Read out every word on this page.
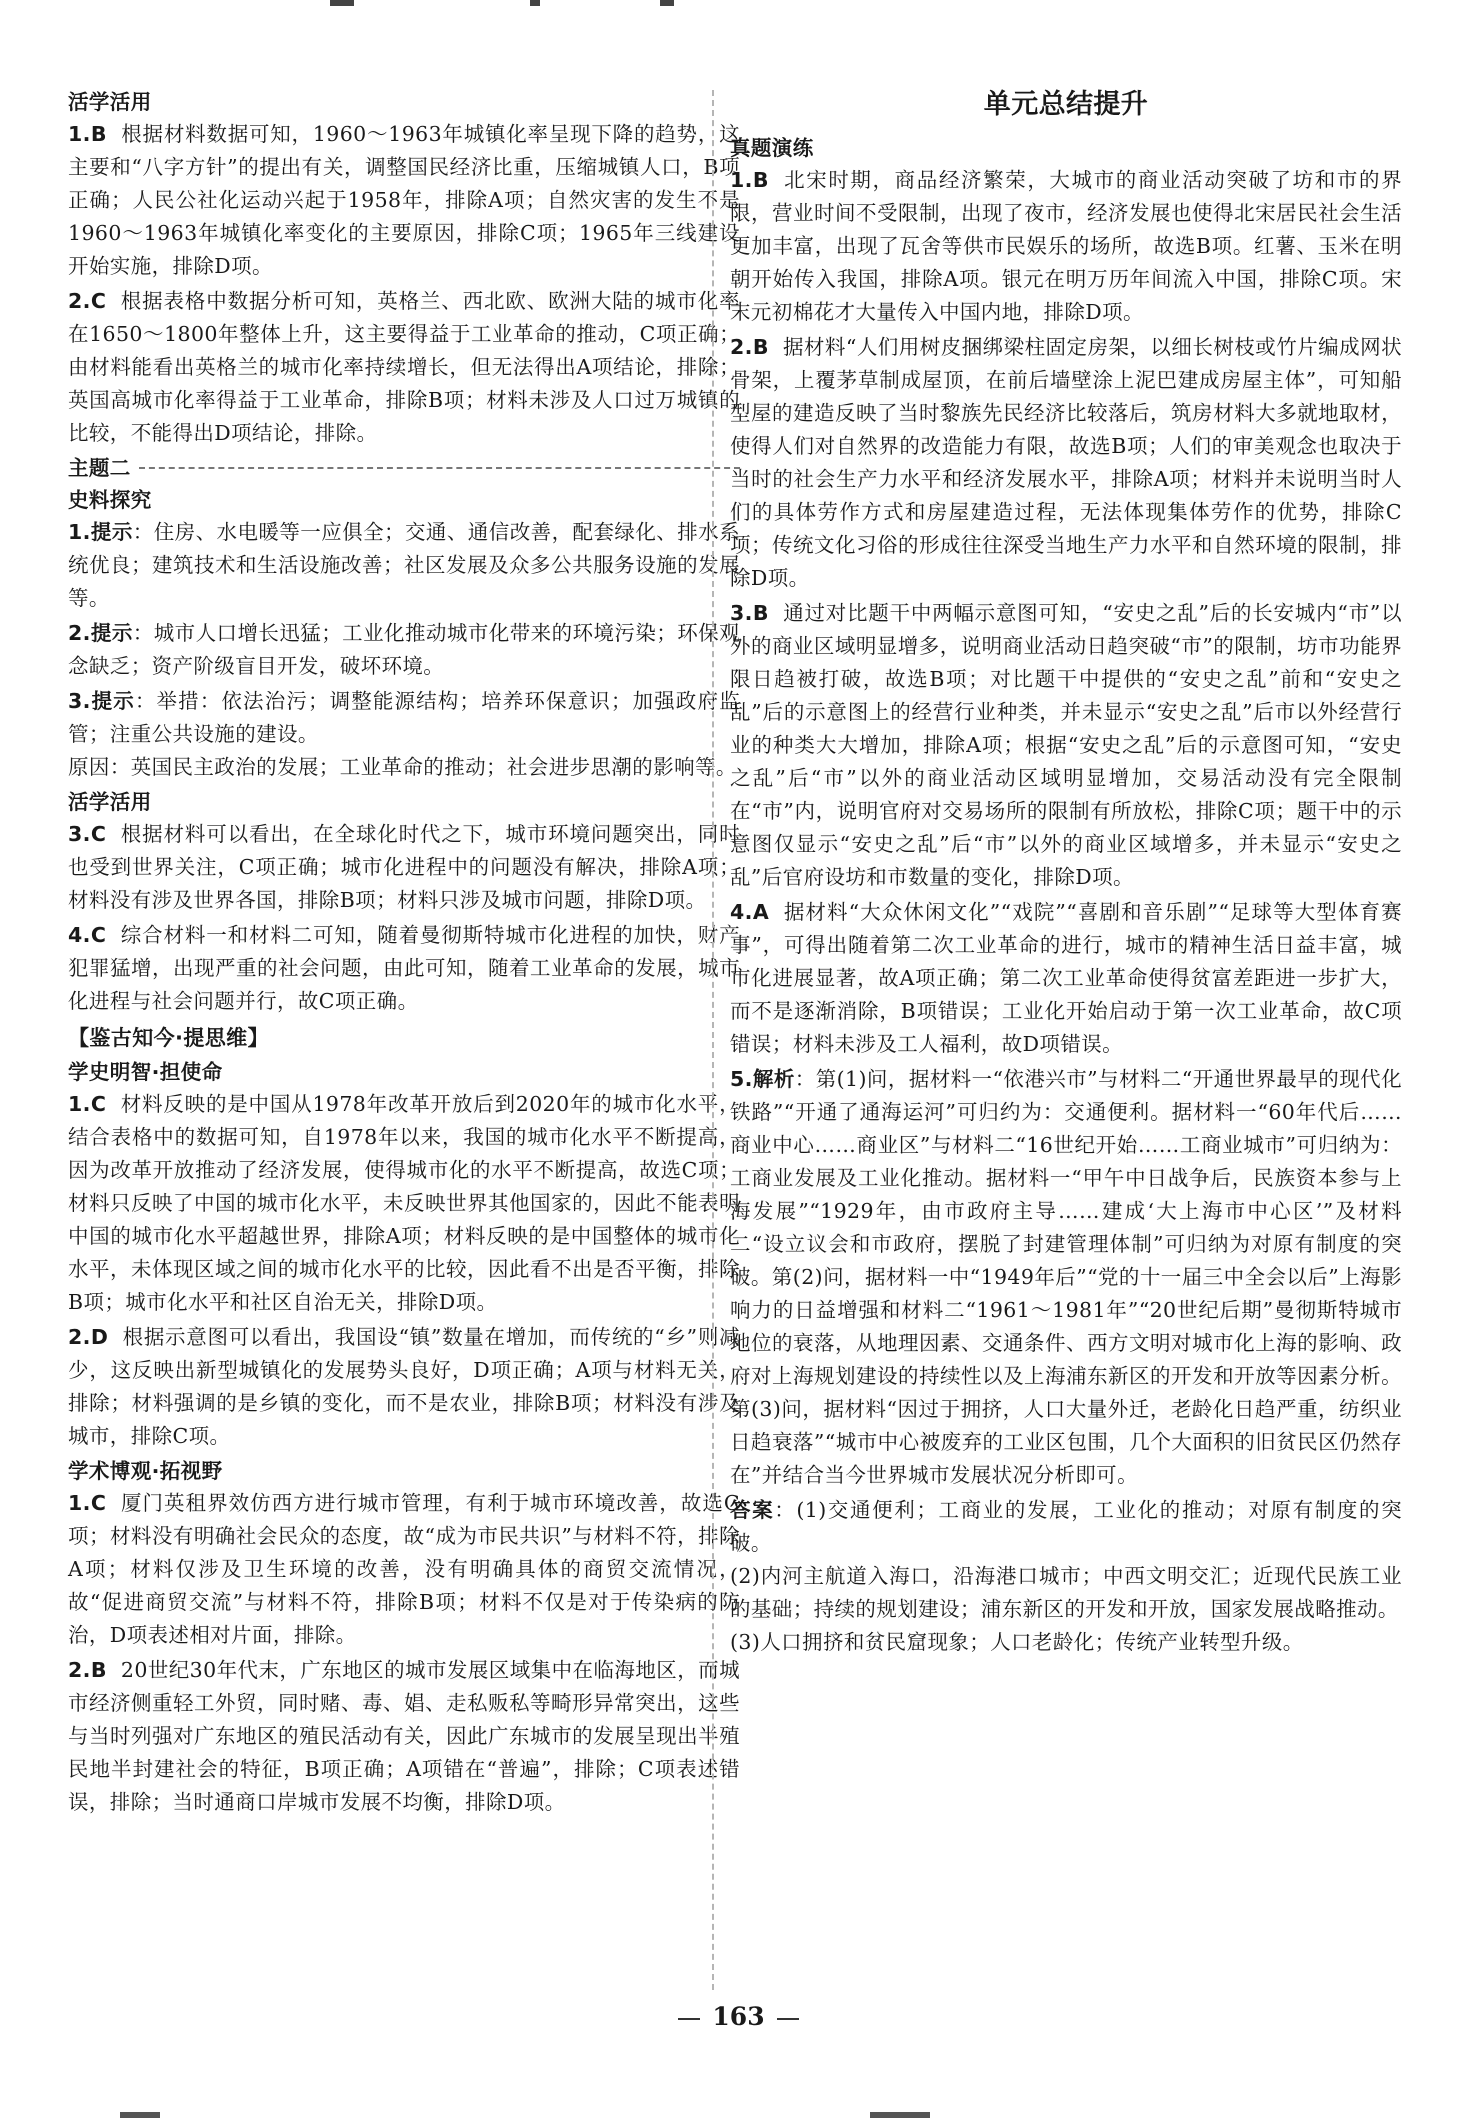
活学活用
1.B 根据材料数据可知，1960～1963年城镇化率呈现下降的趋势，这主要和“八字方针”的提出有关，调整国民经济比重，压缩城镇人口，B项正确；人民公社化运动兴起于1958年，排除A项；自然灾害的发生不是1960～1963年城镇化率变化的主要原因，排除C项；1965年三线建设开始实施，排除D项。
2.C 根据表格中数据分析可知，英格兰、西北欧、欧洲大陆的城市化率在1650～1800年整体上升，这主要得益于工业革命的推动，C项正确；由材料能看出英格兰的城市化率持续增长，但无法得出A项结论，排除；英国高城市化率得益于工业革命，排除B项；材料未涉及人口过万城镇的比较，不能得出D项结论，排除。
主题二
史料探究
1.提示：住房、水电暖等一应俱全；交通、通信改善，配套绿化、排水系统优良；建筑技术和生活设施改善；社区发展及众多公共服务设施的发展等。
2.提示：城市人口增长迅猛；工业化推动城市化带来的环境污染；环保观念缺乏；资产阶级盲目开发，破坏环境。
3.提示：举措：依法治污；调整能源结构；培养环保意识；加强政府监管；注重公共设施的建设。
原因：英国民主政治的发展；工业革命的推动；社会进步思潮的影响等。
活学活用
3.C 根据材料可以看出，在全球化时代之下，城市环境问题突出，同时也受到世界关注，C项正确；城市化进程中的问题没有解决，排除A项；材料没有涉及世界各国，排除B项；材料只涉及城市问题，排除D项。
4.C 综合材料一和材料二可知，随着曼彻斯特城市化进程的加快，财产犯罪猛增，出现严重的社会问题，由此可知，随着工业革命的发展，城市化进程与社会问题并行，故C项正确。
【鉴古知今·提思维】
学史明智·担使命
1.C 材料反映的是中国从1978年改革开放后到2020年的城市化水平，结合表格中的数据可知，自1978年以来，我国的城市化水平不断提高，因为改革开放推动了经济发展，使得城市化的水平不断提高，故选C项；材料只反映了中国的城市化水平，未反映世界其他国家的，因此不能表明中国的城市化水平超越世界，排除A项；材料反映的是中国整体的城市化水平，未体现区域之间的城市化水平的比较，因此看不出是否平衡，排除B项；城市化水平和社区自治无关，排除D项。
2.D 根据示意图可以看出，我国设“镇”数量在增加，而传统的“乡”则减少，这反映出新型城镇化的发展势头良好，D项正确；A项与材料无关，排除；材料强调的是乡镇的变化，而不是农业，排除B项；材料没有涉及城市，排除C项。
学术博观·拓视野
1.C 厦门英租界效仿西方进行城市管理，有利于城市环境改善，故选C项；材料没有明确社会民众的态度，故“成为市民共识”与材料不符，排除A项；材料仅涉及卫生环境的改善，没有明确具体的商贸交流情况，故“促进商贸交流”与材料不符，排除B项；材料不仅是对于传染病的防治，D项表述相对片面，排除。
2.B 20世纪30年代末，广东地区的城市发展区域集中在临海地区，而城市经济侧重轻工外贸，同时赌、毒、娼、走私贩私等畸形异常突出，这些与当时列强对广东地区的殖民活动有关，因此广东城市的发展呈现出半殖民地半封建社会的特征，B项正确；A项错在“普遍”，排除；C项表述错误，排除；当时通商口岸城市发展不均衡，排除D项。
单元总结提升
真题演练
1.B 北宋时期，商品经济繁荣，大城市的商业活动突破了坊和市的界限，营业时间不受限制，出现了夜市，经济发展也使得北宋居民社会生活更加丰富，出现了瓦舍等供市民娱乐的场所，故选B项。红薯、玉米在明朝开始传入我国，排除A项。银元在明万历年间流入中国，排除C项。宋末元初棉花才大量传入中国内地，排除D项。
2.B 据材料“人们用树皮捆绑梁柱固定房架，以细长树枝或竹片编成网状骨架，上覆茅草制成屋顶，在前后墙壁涂上泥巴建成房屋主体”，可知船型屋的建造反映了当时黎族先民经济比较落后，筑房材料大多就地取材，使得人们对自然界的改造能力有限，故选B项；人们的审美观念也取决于当时的社会生产力水平和经济发展水平，排除A项；材料并未说明当时人们的具体劳作方式和房屋建造过程，无法体现集体劳作的优势，排除C项；传统文化习俗的形成往往深受当地生产力水平和自然环境的限制，排除D项。
3.B 通过对比题干中两幅示意图可知，“安史之乱”后的长安城内“市”以外的商业区域明显增多，说明商业活动日趋突破“市”的限制，坊市功能界限日趋被打破，故选B项；对比题干中提供的“安史之乱”前和“安史之乱”后的示意图上的经营行业种类，并未显示“安史之乱”后市以外经营行业的种类大大增加，排除A项；根据“安史之乱”后的示意图可知，“安史之乱”后“市”以外的商业活动区域明显增加，交易活动没有完全限制在“市”内，说明官府对交易场所的限制有所放松，排除C项；题干中的示意图仅显示“安史之乱”后“市”以外的商业区域增多，并未显示“安史之乱”后官府设坊和市数量的变化，排除D项。
4.A 据材料“大众休闲文化”“戏院”“喜剧和音乐剧”“足球等大型体育赛事”，可得出随着第二次工业革命的进行，城市的精神生活日益丰富，城市化进展显著，故A项正确；第二次工业革命使得贫富差距进一步扩大，而不是逐渐消除，B项错误；工业化开始启动于第一次工业革命，故C项错误；材料未涉及工人福利，故D项错误。
5.解析：第(1)问，据材料一“依港兴市”与材料二“开通世界最早的现代化铁路”“开通了通海运河”可归约为：交通便利。据材料一“60年代后……商业中心……商业区”与材料二“16世纪开始……工商业城市”可归纳为：工商业发展及工业化推动。据材料一“甲午中日战争后，民族资本参与上海发展”“1929年，由市政府主导……建成‘大上海市中心区’”及材料二“设立议会和市政府，摆脱了封建管理体制”可归纳为对原有制度的突破。第(2)问，据材料一中“1949年后”“党的十一届三中全会以后”上海影响力的日益增强和材料二“1961～1981年”“20世纪后期”曼彻斯特城市地位的衰落，从地理因素、交通条件、西方文明对城市化上海的影响、政府对上海规划建设的持续性以及上海浦东新区的开发和开放等因素分析。第(3)问，据材料“因过于拥挤，人口大量外迁，老龄化日趋严重，纺织业日趋衰落”“城市中心被废弃的工业区包围，几个大面积的旧贫民区仍然存在”并结合当今世界城市发展状况分析即可。
答案：(1)交通便利；工商业的发展，工业化的推动；对原有制度的突破。
(2)内河主航道入海口，沿海港口城市；中西文明交汇；近现代民族工业的基础；持续的规划建设；浦东新区的开发和开放，国家发展战略推动。
(3)人口拥挤和贫民窟现象；人口老龄化；传统产业转型升级。
163
